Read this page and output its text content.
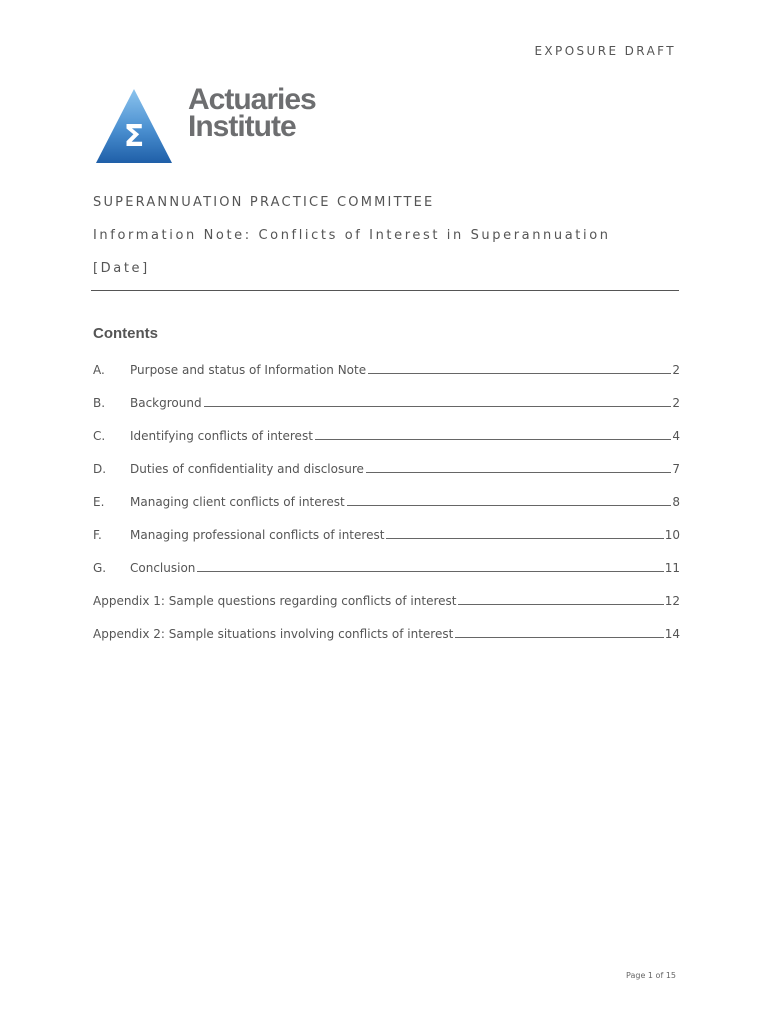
EXPOSURE DRAFT
Σ
Actuaries
Institute
SUPERANNUATION PRACTICE COMMITTEE
Information Note: Conflicts of Interest in Superannuation
[Date]
Contents
A.	Purpose and status of Information Note	2
B.	Background	2
C.	Identifying conflicts of interest	4
D.	Duties of confidentiality and disclosure	7
E.	Managing client conflicts of interest	8
F.	Managing professional conflicts of interest	10
G.	Conclusion	11
Appendix 1: Sample questions regarding conflicts of interest	12
Appendix 2: Sample situations involving conflicts of interest	14
Page 1 of 15
